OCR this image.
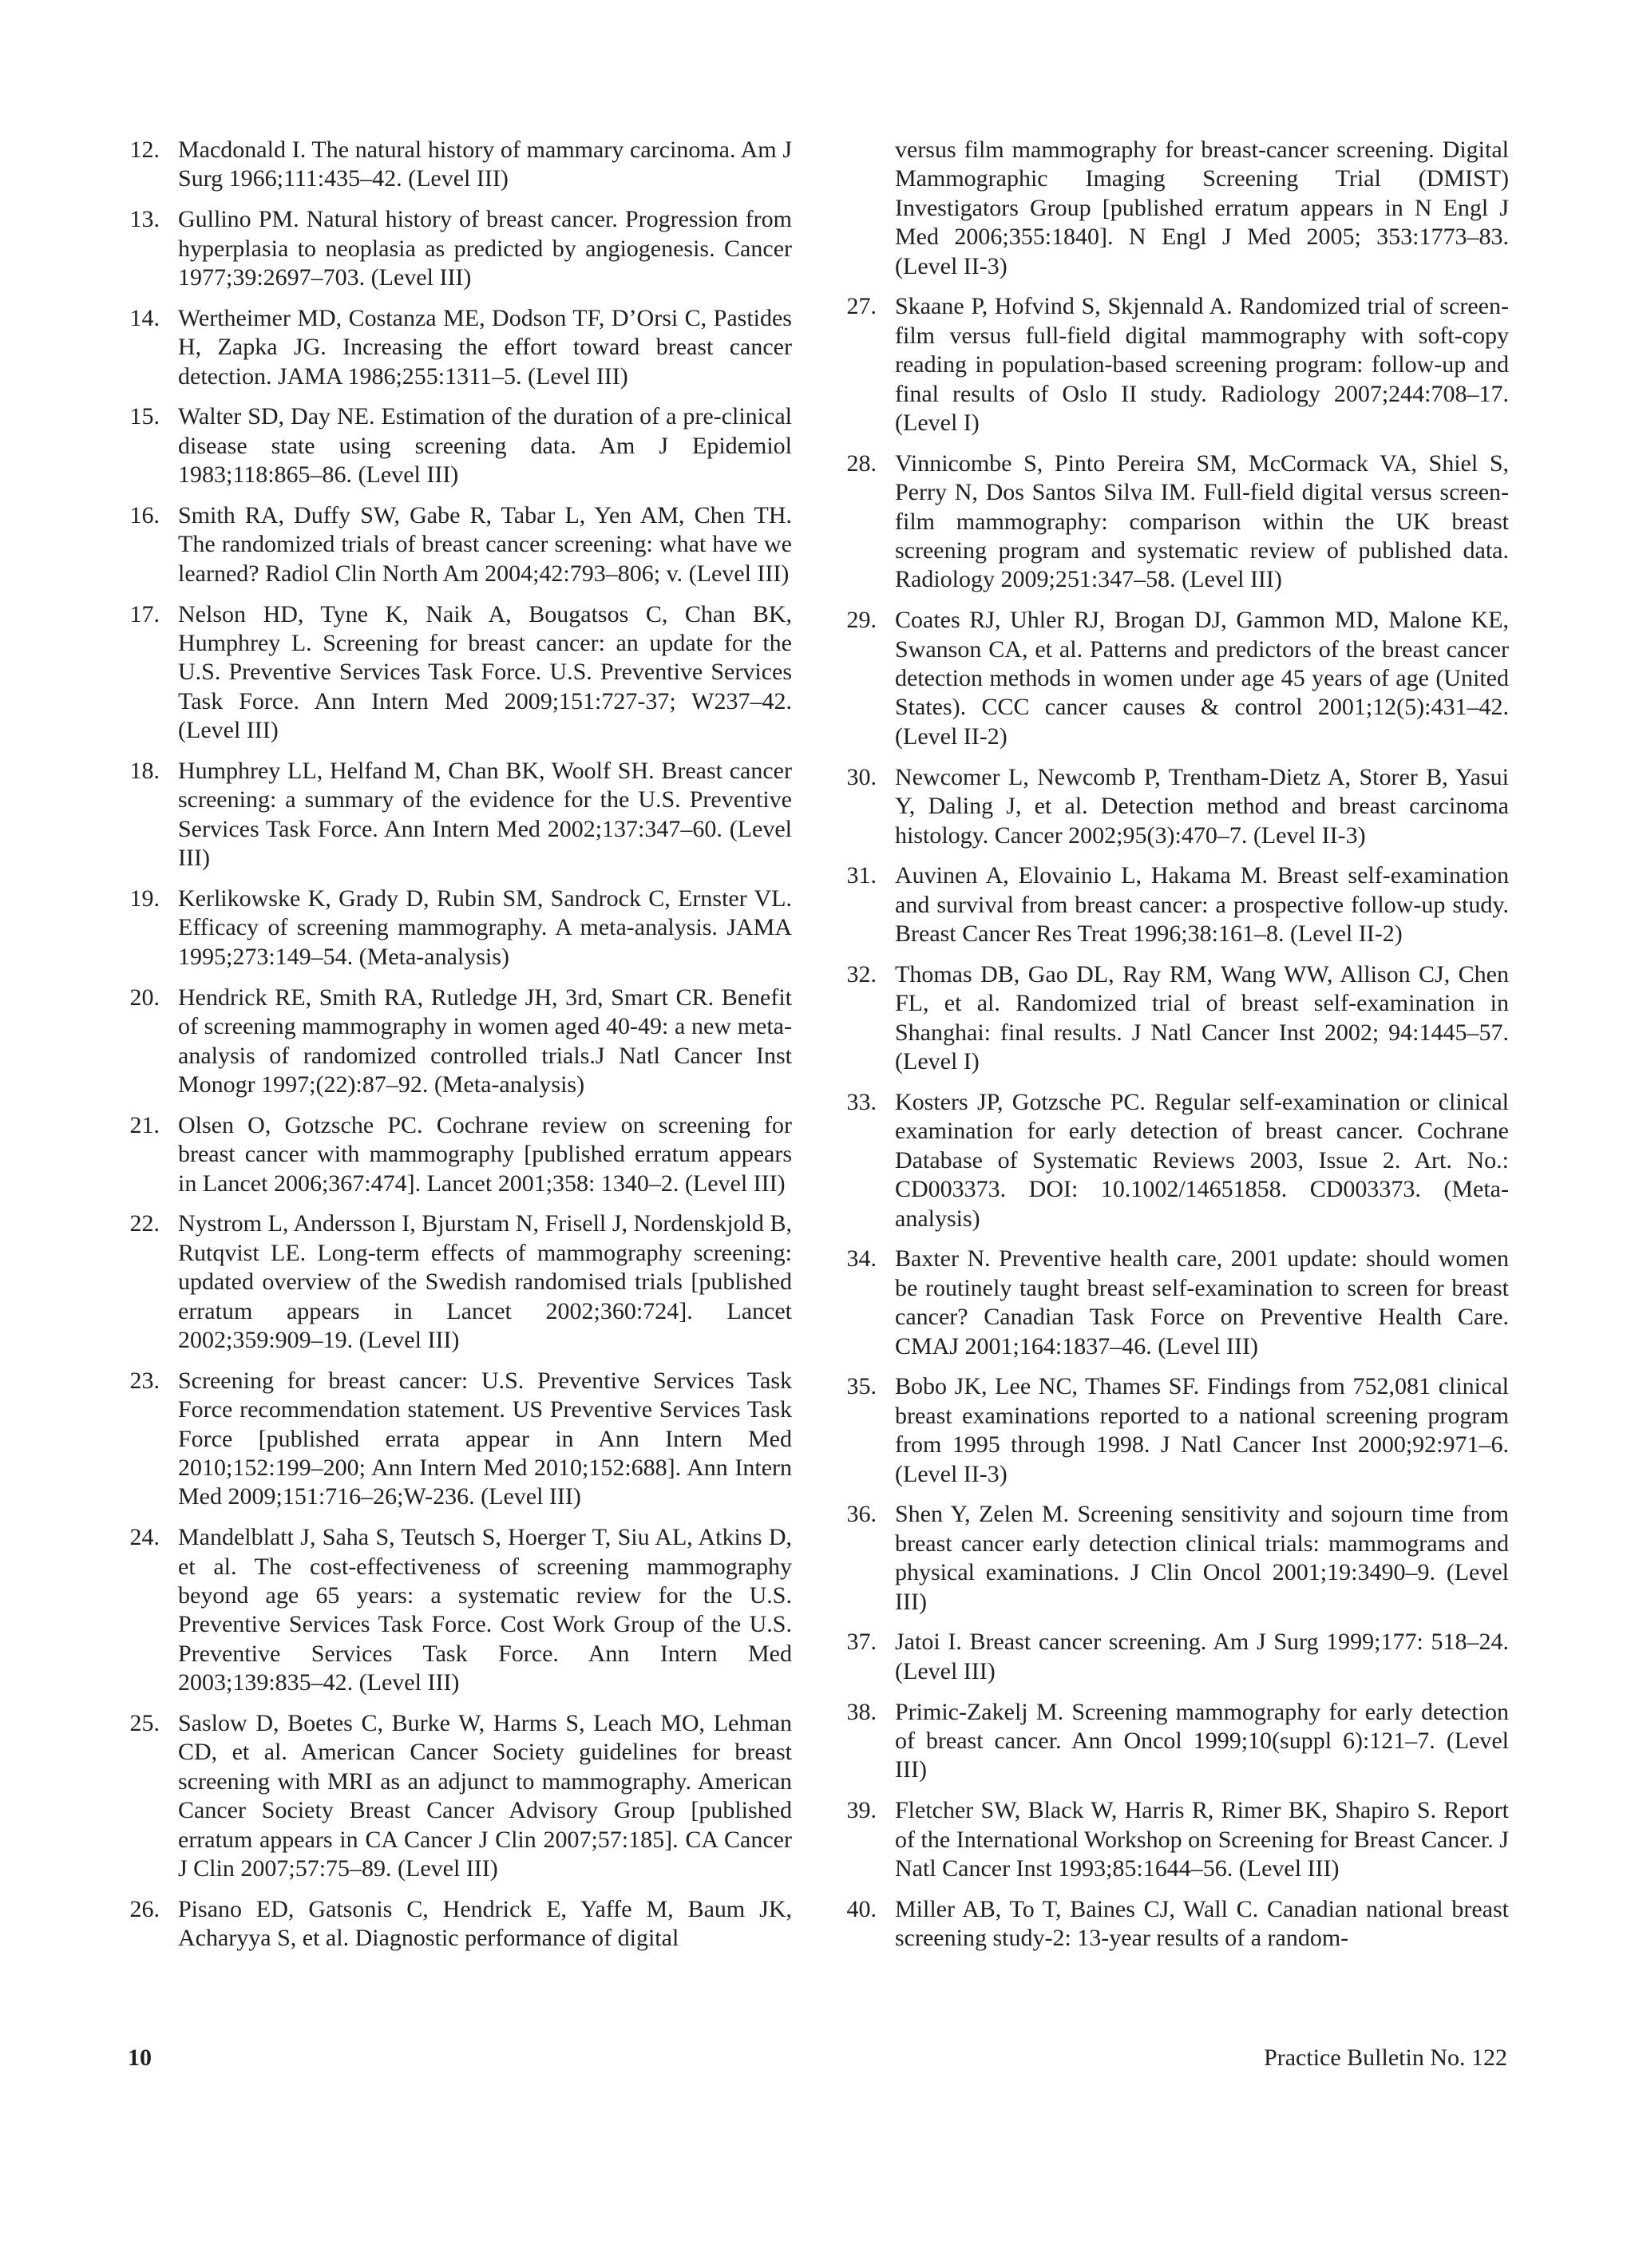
12. Macdonald I. The natural history of mammary carcinoma. Am J Surg 1966;111:435–42. (Level III)
13. Gullino PM. Natural history of breast cancer. Progression from hyperplasia to neoplasia as predicted by angiogenesis. Cancer 1977;39:2697–703. (Level III)
14. Wertheimer MD, Costanza ME, Dodson TF, D’Orsi C, Pastides H, Zapka JG. Increasing the effort toward breast cancer detection. JAMA 1986;255:1311–5. (Level III)
15. Walter SD, Day NE. Estimation of the duration of a pre-clinical disease state using screening data. Am J Epidemiol 1983;118:865–86. (Level III)
16. Smith RA, Duffy SW, Gabe R, Tabar L, Yen AM, Chen TH. The randomized trials of breast cancer screening: what have we learned? Radiol Clin North Am 2004;42:793–806; v. (Level III)
17. Nelson HD, Tyne K, Naik A, Bougatsos C, Chan BK, Humphrey L. Screening for breast cancer: an update for the U.S. Preventive Services Task Force. U.S. Preventive Services Task Force. Ann Intern Med 2009;151:727-37; W237–42. (Level III)
18. Humphrey LL, Helfand M, Chan BK, Woolf SH. Breast cancer screening: a summary of the evidence for the U.S. Preventive Services Task Force. Ann Intern Med 2002;137:347–60. (Level III)
19. Kerlikowske K, Grady D, Rubin SM, Sandrock C, Ernster VL. Efficacy of screening mammography. A meta-analysis. JAMA 1995;273:149–54. (Meta-analysis)
20. Hendrick RE, Smith RA, Rutledge JH, 3rd, Smart CR. Benefit of screening mammography in women aged 40-49: a new meta-analysis of randomized controlled trials.J Natl Cancer Inst Monogr 1997;(22):87–92. (Meta-analysis)
21. Olsen O, Gotzsche PC. Cochrane review on screening for breast cancer with mammography [published erratum appears in Lancet 2006;367:474]. Lancet 2001;358: 1340–2. (Level III)
22. Nystrom L, Andersson I, Bjurstam N, Frisell J, Nordenskjold B, Rutqvist LE. Long-term effects of mammography screening: updated overview of the Swedish randomised trials [published erratum appears in Lancet 2002;360:724]. Lancet 2002;359:909–19. (Level III)
23. Screening for breast cancer: U.S. Preventive Services Task Force recommendation statement. US Preventive Services Task Force [published errata appear in Ann Intern Med 2010;152:199–200; Ann Intern Med 2010;152:688]. Ann Intern Med 2009;151:716–26;W-236. (Level III)
24. Mandelblatt J, Saha S, Teutsch S, Hoerger T, Siu AL, Atkins D, et al. The cost-effectiveness of screening mammography beyond age 65 years: a systematic review for the U.S. Preventive Services Task Force. Cost Work Group of the U.S. Preventive Services Task Force. Ann Intern Med 2003;139:835–42. (Level III)
25. Saslow D, Boetes C, Burke W, Harms S, Leach MO, Lehman CD, et al. American Cancer Society guidelines for breast screening with MRI as an adjunct to mammography. American Cancer Society Breast Cancer Advisory Group [published erratum appears in CA Cancer J Clin 2007;57:185]. CA Cancer J Clin 2007;57:75–89. (Level III)
26. Pisano ED, Gatsonis C, Hendrick E, Yaffe M, Baum JK, Acharyya S, et al. Diagnostic performance of digital
versus film mammography for breast-cancer screening. Digital Mammographic Imaging Screening Trial (DMIST) Investigators Group [published erratum appears in N Engl J Med 2006;355:1840]. N Engl J Med 2005; 353:1773–83. (Level II-3)
27. Skaane P, Hofvind S, Skjennald A. Randomized trial of screen-film versus full-field digital mammography with soft-copy reading in population-based screening program: follow-up and final results of Oslo II study. Radiology 2007;244:708–17. (Level I)
28. Vinnicombe S, Pinto Pereira SM, McCormack VA, Shiel S, Perry N, Dos Santos Silva IM. Full-field digital versus screen-film mammography: comparison within the UK breast screening program and systematic review of published data. Radiology 2009;251:347–58. (Level III)
29. Coates RJ, Uhler RJ, Brogan DJ, Gammon MD, Malone KE, Swanson CA, et al. Patterns and predictors of the breast cancer detection methods in women under age 45 years of age (United States). CCC cancer causes & control 2001;12(5):431–42. (Level II-2)
30. Newcomer L, Newcomb P, Trentham-Dietz A, Storer B, Yasui Y, Daling J, et al. Detection method and breast carcinoma histology. Cancer 2002;95(3):470–7. (Level II-3)
31. Auvinen A, Elovainio L, Hakama M. Breast self-examination and survival from breast cancer: a prospective follow-up study. Breast Cancer Res Treat 1996;38:161–8. (Level II-2)
32. Thomas DB, Gao DL, Ray RM, Wang WW, Allison CJ, Chen FL, et al. Randomized trial of breast self-examination in Shanghai: final results. J Natl Cancer Inst 2002; 94:1445–57. (Level I)
33. Kosters JP, Gotzsche PC. Regular self-examination or clinical examination for early detection of breast cancer. Cochrane Database of Systematic Reviews 2003, Issue 2. Art. No.: CD003373. DOI: 10.1002/14651858. CD003373. (Meta-analysis)
34. Baxter N. Preventive health care, 2001 update: should women be routinely taught breast self-examination to screen for breast cancer? Canadian Task Force on Preventive Health Care. CMAJ 2001;164:1837–46. (Level III)
35. Bobo JK, Lee NC, Thames SF. Findings from 752,081 clinical breast examinations reported to a national screening program from 1995 through 1998. J Natl Cancer Inst 2000;92:971–6. (Level II-3)
36. Shen Y, Zelen M. Screening sensitivity and sojourn time from breast cancer early detection clinical trials: mammograms and physical examinations. J Clin Oncol 2001;19:3490–9. (Level III)
37. Jatoi I. Breast cancer screening. Am J Surg 1999;177: 518–24. (Level III)
38. Primic-Zakelj M. Screening mammography for early detection of breast cancer. Ann Oncol 1999;10(suppl 6):121–7. (Level III)
39. Fletcher SW, Black W, Harris R, Rimer BK, Shapiro S. Report of the International Workshop on Screening for Breast Cancer. J Natl Cancer Inst 1993;85:1644–56. (Level III)
40. Miller AB, To T, Baines CJ, Wall C. Canadian national breast screening study-2: 13-year results of a random-
10	Practice Bulletin No. 122
